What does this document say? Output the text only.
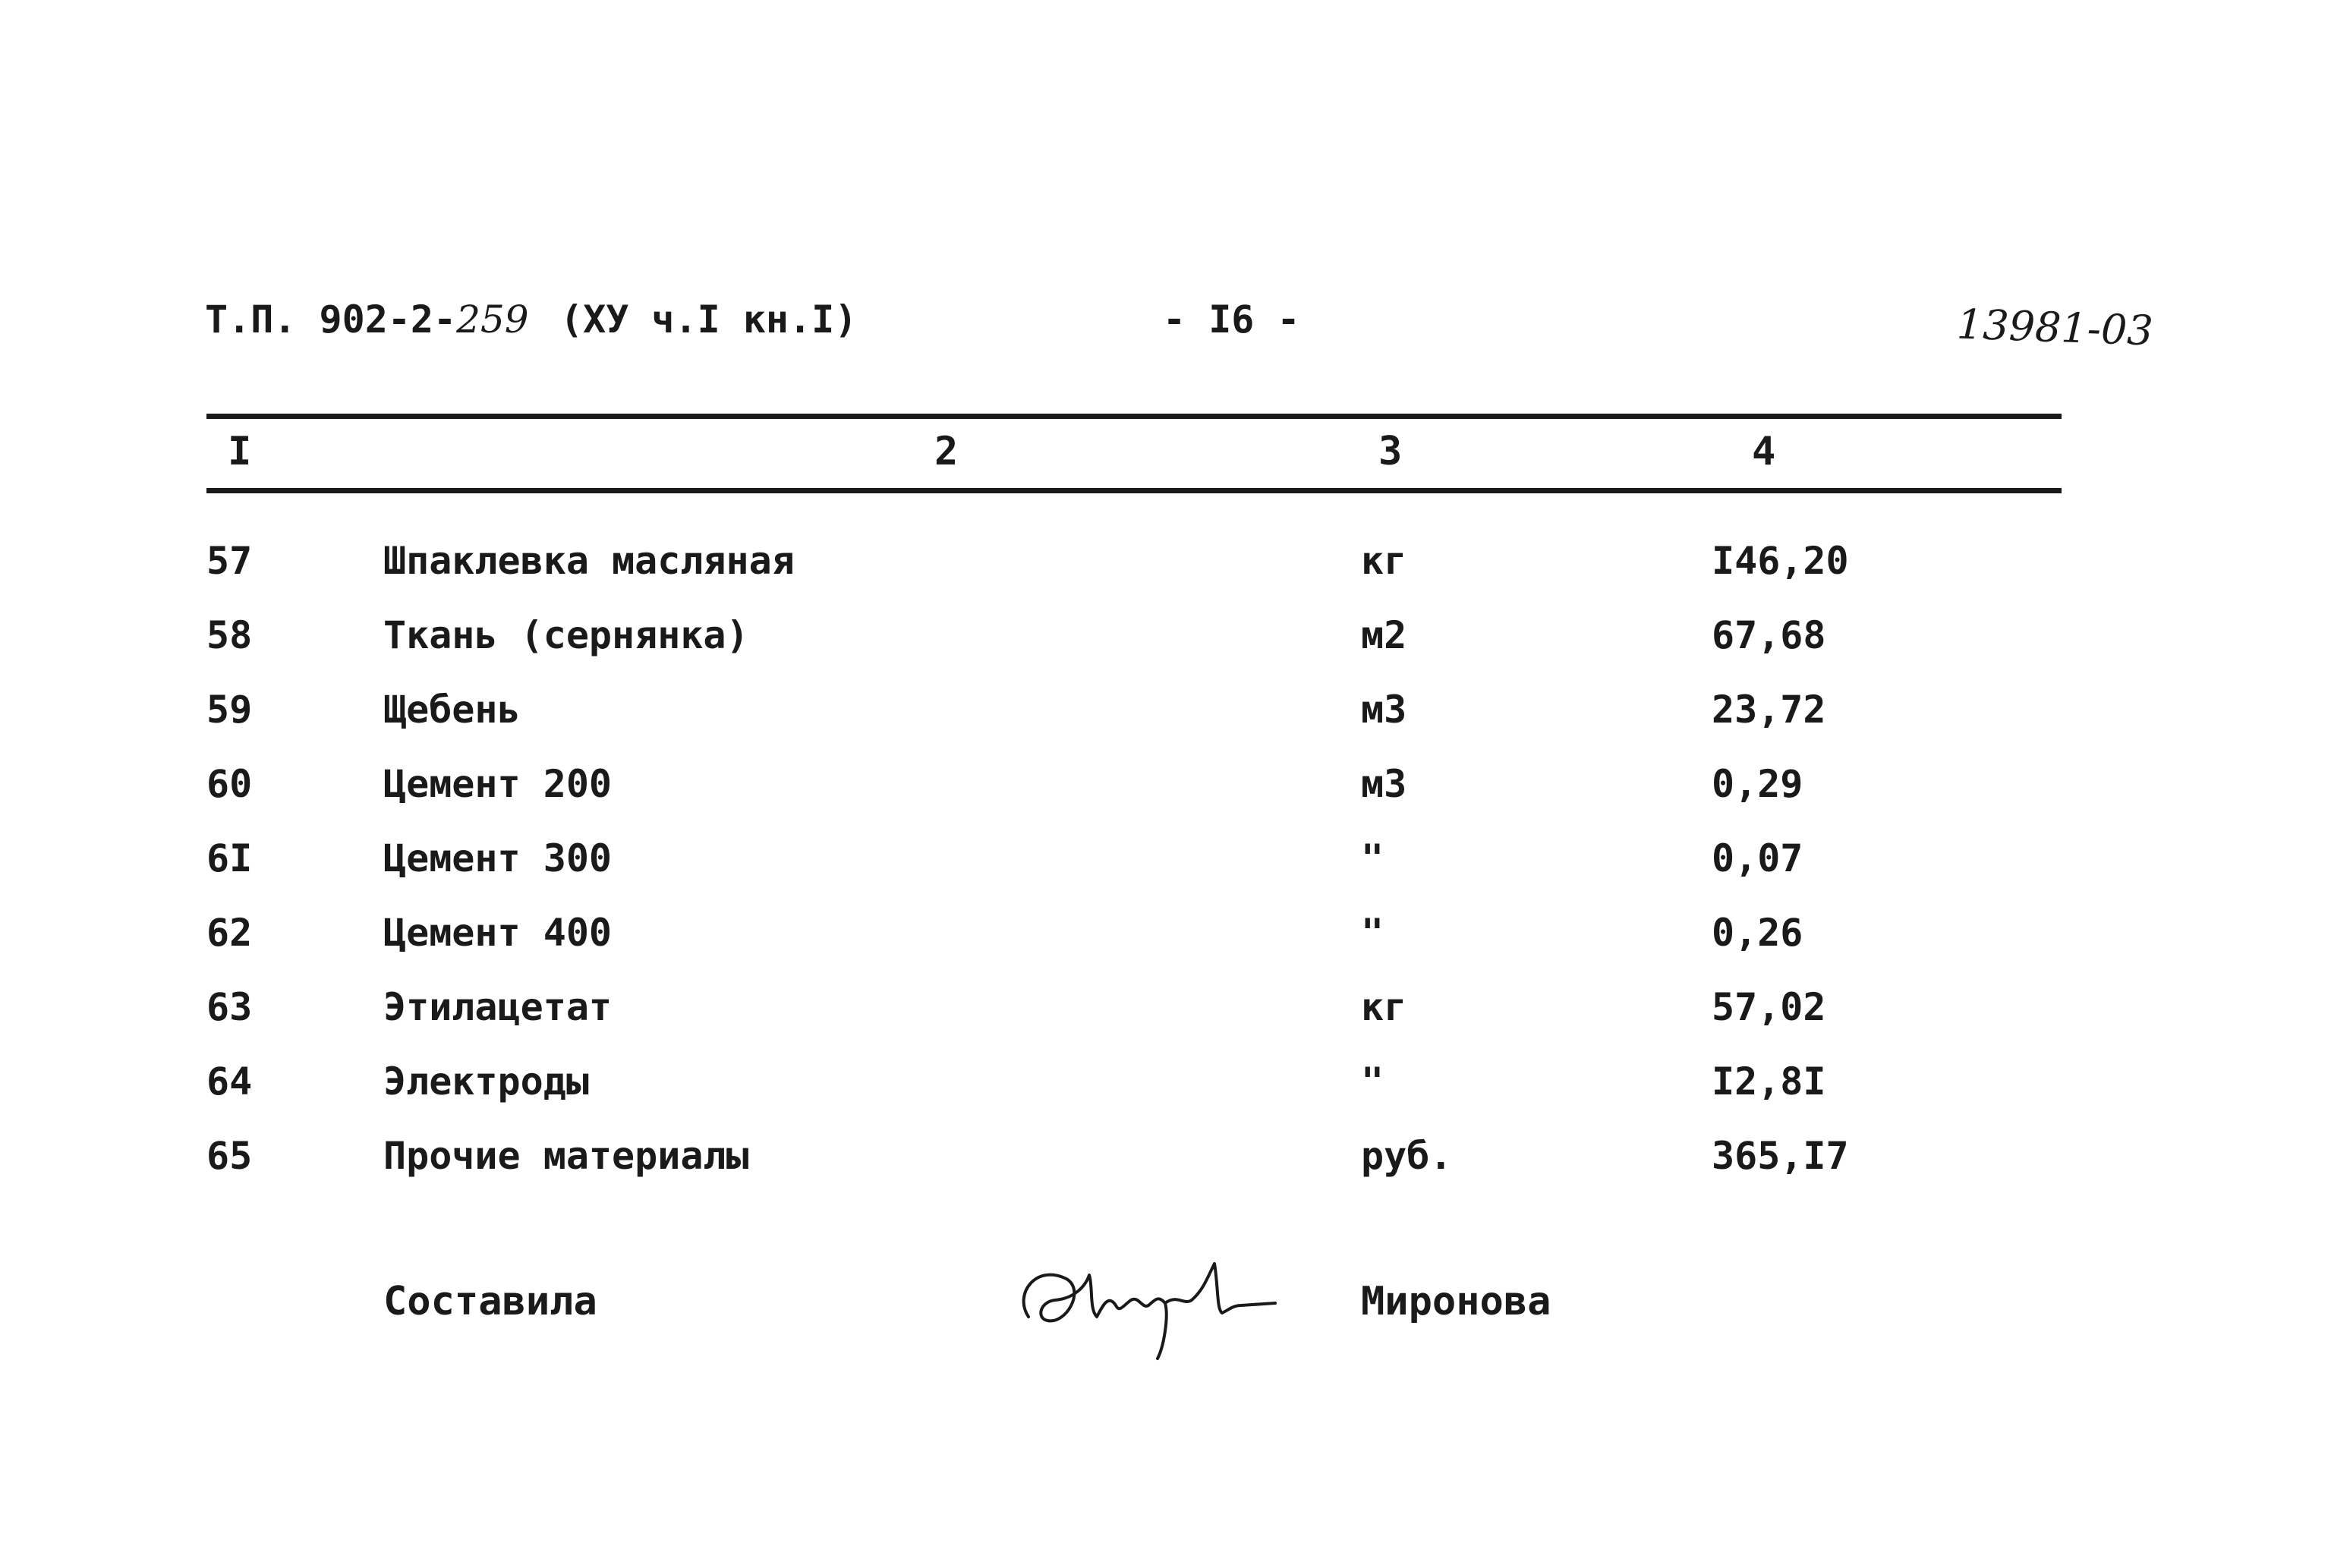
Т.П. 902-2-259 (ХУ ч.I кн.I)	- I6 -	13981-03
I	2	3	4
57	Шпаклевка масляная	кг	I46,20
58	Ткань (сернянка)	м2	67,68
59	Щебень	м3	23,72
60	Цемент 200	м3	0,29
6I	Цемент 300	"	0,07
62	Цемент 400	"	0,26
63	Этилацетат	кг	57,02
64	Электроды	"	I2,8I
65	Прочие материалы	руб.	365,I7
Составила	Миронова
